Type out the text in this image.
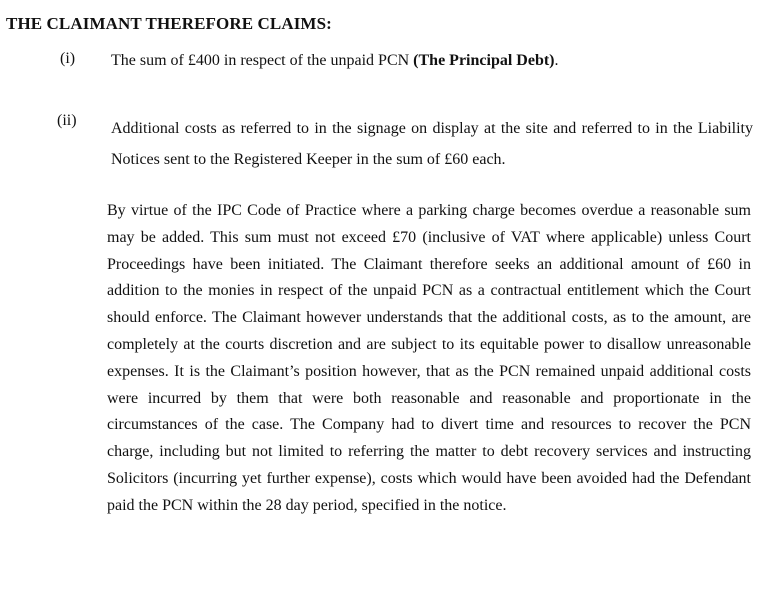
THE CLAIMANT THEREFORE CLAIMS:
(i) The sum of £400 in respect of the unpaid PCN (The Principal Debt).
(ii) Additional costs as referred to in the signage on display at the site and referred to in the Liability Notices sent to the Registered Keeper in the sum of £60 each.
By virtue of the IPC Code of Practice where a parking charge becomes overdue a reasonable sum may be added. This sum must not exceed £70 (inclusive of VAT where applicable) unless Court Proceedings have been initiated. The Claimant therefore seeks an additional amount of £60 in addition to the monies in respect of the unpaid PCN as a contractual entitlement which the Court should enforce. The Claimant however understands that the additional costs, as to the amount, are completely at the courts discretion and are subject to its equitable power to disallow unreasonable expenses. It is the Claimant’s position however, that as the PCN remained unpaid additional costs were incurred by them that were both reasonable and reasonable and proportionate in the circumstances of the case. The Company had to divert time and resources to recover the PCN charge, including but not limited to referring the matter to debt recovery services and instructing Solicitors (incurring yet further expense), costs which would have been avoided had the Defendant paid the PCN within the 28 day period, specified in the notice.
